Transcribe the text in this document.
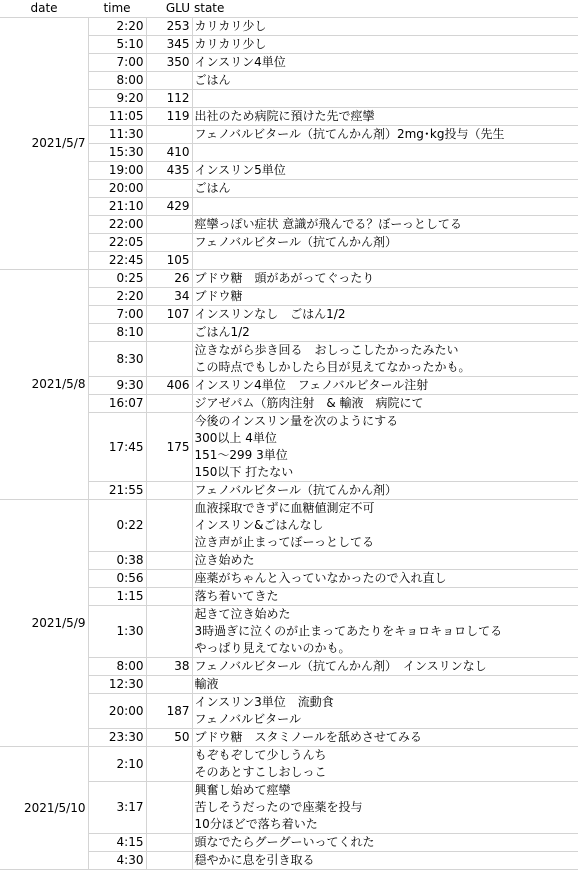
date	time	GLU	state
2021/5/7	2:20	253	カリカリ少し

	5:10	345	カリカリ少し

	7:00	350	インスリン4単位

	8:00		ごはん

	9:20	112	

	11:05	119	出社のため病院に預けた先で痙攣

	11:30		フェノバルビタール（抗てんかん剤）2mg･kg投与（先生

	15:30	410	

	19:00	435	インスリン5単位

	20:00		ごはん

	21:10	429	

	22:00		痙攣っぽい症状 意識が飛んでる？ぼーっとしてる

	22:05		フェノバルビタール（抗てんかん剤）

	22:45	105	

2021/5/8	0:25	26	ブドウ糖　頭があがってぐったり

	2:20	34	ブドウ糖

	7:00	107	インスリンなし　ごはん1/2

	8:10		ごはん1/2

	8:30		泣きながら歩き回る　おしっこしたかったみたい
この時点でもしかしたら目が見えてなかったかも。

	9:30	406	インスリン4単位　フェノバルビタール注射

	16:07		ジアゼパム（筋肉注射　& 輸液　病院にて

	17:45	175	今後のインスリン量を次のようにする
300以上 4単位
151～299 3単位
150以下 打たない

	21:55		フェノバルビタール（抗てんかん剤）

2021/5/9	0:22		血液採取できずに血糖値測定不可
インスリン&ごはんなし
泣き声が止まってぼーっとしてる

	0:38		泣き始めた

	0:56		座薬がちゃんと入っていなかったので入れ直し

	1:15		落ち着いてきた

	1:30		起きて泣き始めた
3時過ぎに泣くのが止まってあたりをキョロキョロしてる
やっぱり見えてないのかも。

	8:00	38	フェノバルビタール（抗てんかん剤）　インスリンなし

	12:30		輸液

	20:00	187	インスリン3単位　流動食
フェノバルビタール

	23:30	50	ブドウ糖　スタミノールを舐めさせてみる

2021/5/10	2:10		もぞもぞして少しうんち
そのあとすこしおしっこ

	3:17		興奮し始めて痙攣
苦しそうだったので座薬を投与
10分ほどで落ち着いた

	4:15		頭なでたらグーグーいってくれた

	4:30		穏やかに息を引き取る
